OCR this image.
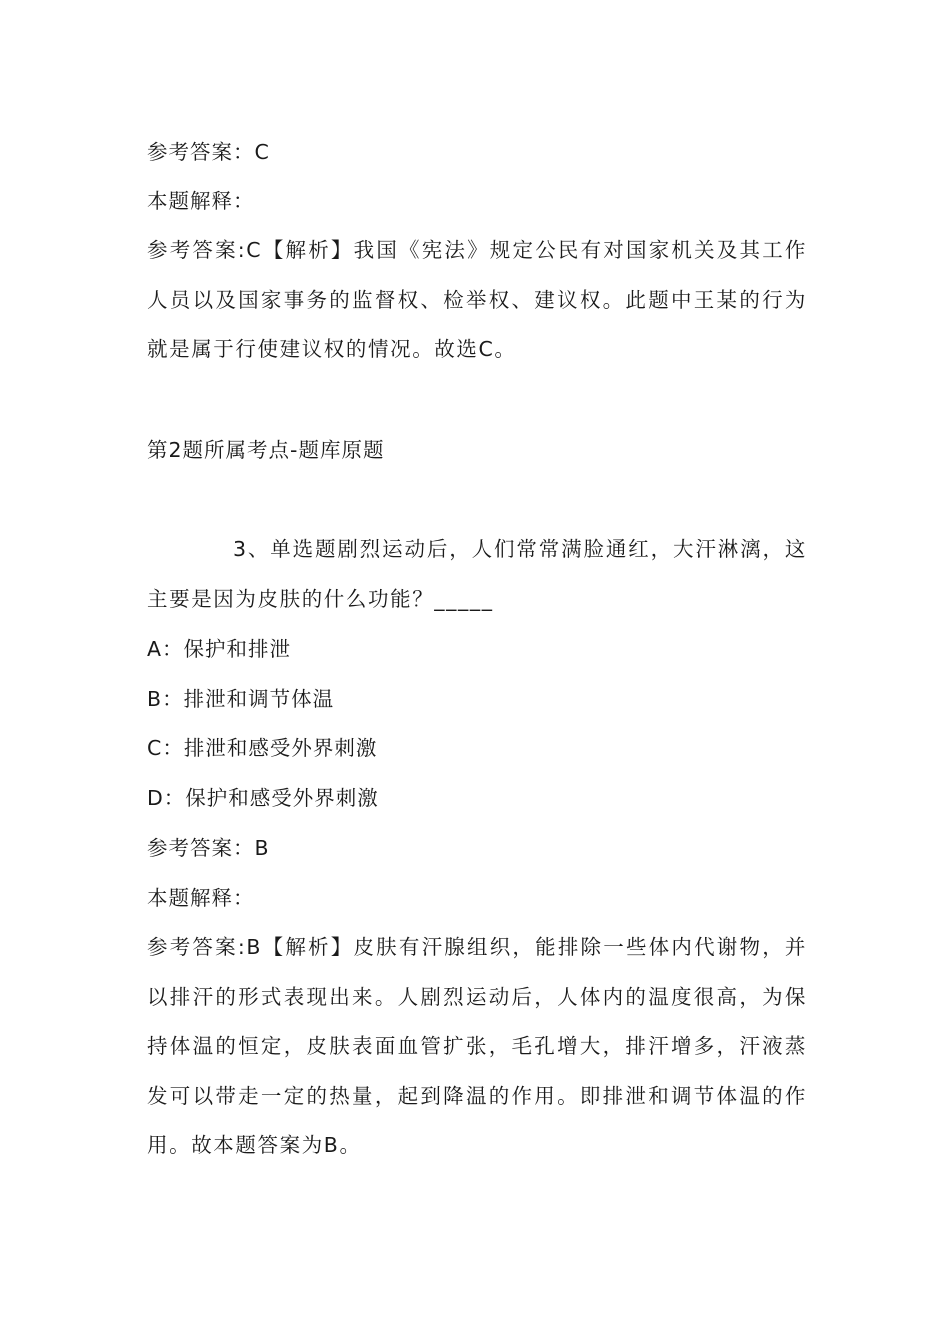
参考答案：C
本题解释：
参考答案:C【解析】我国《宪法》规定公民有对国家机关及其工作人员以及国家事务的监督权、检举权、建议权。此题中王某的行为就是属于行使建议权的情况。故选C。
第2题所属考点-题库原题
3、单选题剧烈运动后，人们常常满脸通红，大汗淋漓，这主要是因为皮肤的什么功能？_____
A：保护和排泄
B：排泄和调节体温
C：排泄和感受外界刺激
D：保护和感受外界刺激
参考答案：B
本题解释：
参考答案:B【解析】皮肤有汗腺组织，能排除一些体内代谢物，并以排汗的形式表现出来。人剧烈运动后，人体内的温度很高，为保持体温的恒定，皮肤表面血管扩张，毛孔增大，排汗增多，汗液蒸发可以带走一定的热量，起到降温的作用。即排泄和调节体温的作用。故本题答案为B。
